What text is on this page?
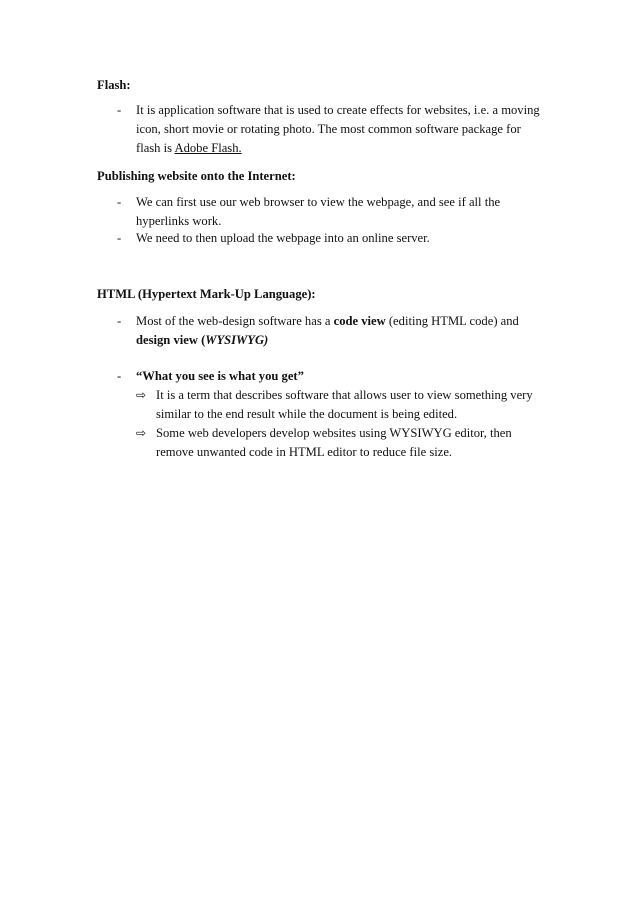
Flash:
- It is application software that is used to create effects for websites, i.e. a moving icon, short movie or rotating photo. The most common software package for flash is Adobe Flash.
Publishing website onto the Internet:
- We can first use our web browser to view the webpage, and see if all the hyperlinks work.
- We need to then upload the webpage into an online server.
HTML (Hypertext Mark-Up Language):
- Most of the web-design software has a code view (editing HTML code) and design view (WYSIWYG)
- “What you see is what you get”
⇨ It is a term that describes software that allows user to view something very similar to the end result while the document is being edited.
⇨ Some web developers develop websites using WYSIWYG editor, then remove unwanted code in HTML editor to reduce file size.
